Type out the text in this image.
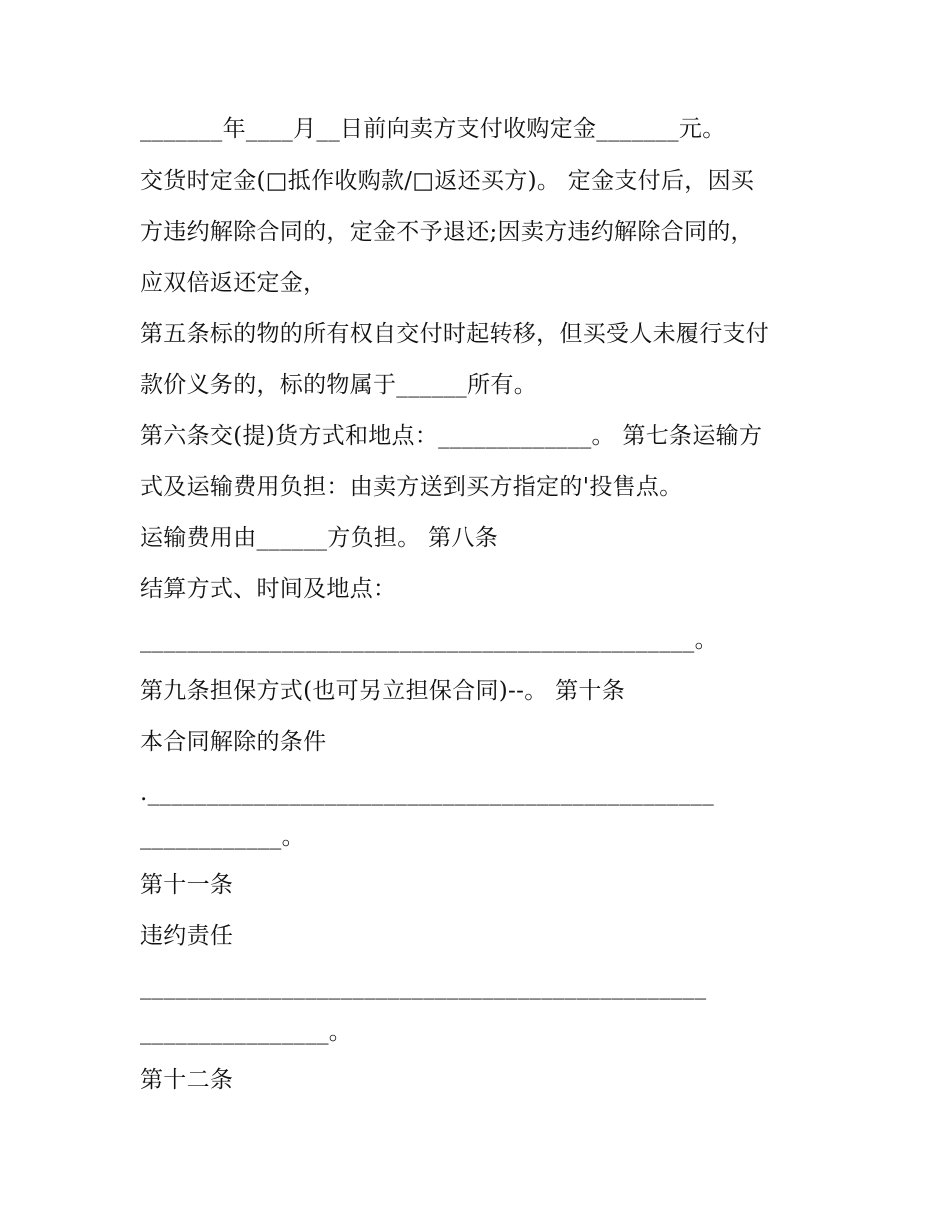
_______年____月__日前向卖方支付收购定金_______元。
交货时定金(□抵作收购款/□返还买方)。 定金支付后，因买
方违约解除合同的，定金不予退还;因卖方违约解除合同的，
应双倍返还定金，
第五条标的物的所有权自交付时起转移，但买受人未履行支付
款价义务的，标的物属于______所有。
第六条交(提)货方式和地点：_____________。 第七条运输方
式及运输费用负担：由卖方送到买方指定的'投售点。
运输费用由______方负担。 第八条
结算方式、时间及地点：
_______________________________________________。
第九条担保方式(也可另立担保合同)--。 第十条
本合同解除的条件
.________________________________________________
____________。
第十一条
违约责任
________________________________________________
________________。
第十二条
